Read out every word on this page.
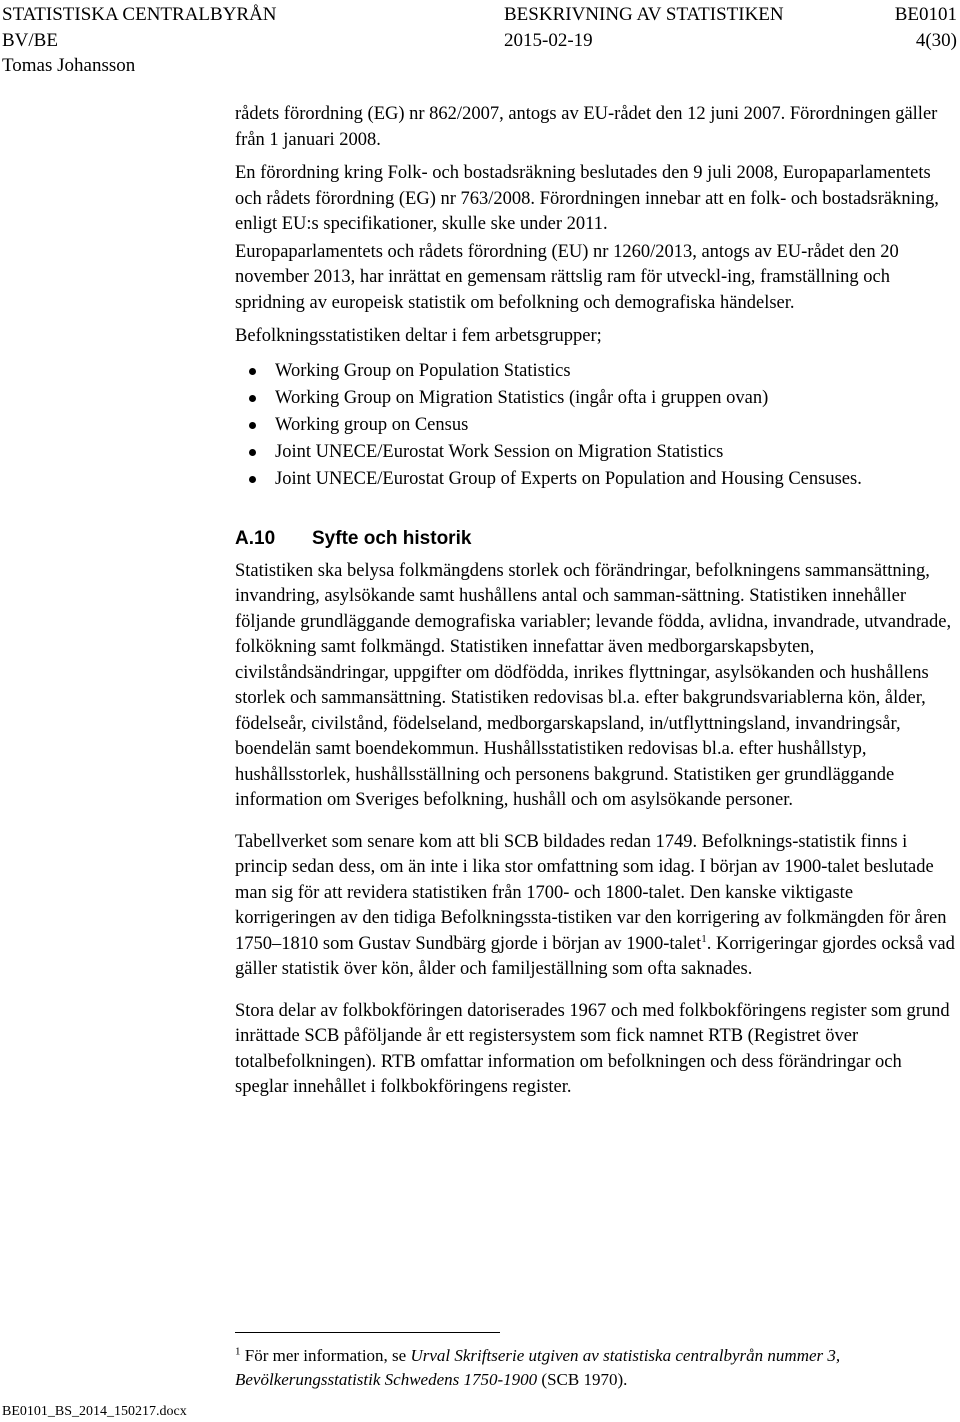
STATISTISKA CENTRALBYRÅN	BESKRIVNING AV STATISTIKEN	BE0101
BV/BE	2015-02-19	4(30)
Tomas Johansson

rådets förordning (EG) nr 862/2007, antogs av EU-rådet den 12 juni 2007. Förordningen gäller från 1 januari 2008.

En förordning kring Folk- och bostadsräkning beslutades den 9 juli 2008, Europaparlamentets och rådets förordning (EG) nr 763/2008. Förordningen innebar att en folk- och bostadsräkning, enligt EU:s specifikationer, skulle ske under 2011.

Europaparlamentets och rådets förordning (EU) nr 1260/2013, antogs av EU-rådet den 20 november 2013, har inrättat en gemensam rättslig ram för utveckl-ing, framställning och spridning av europeisk statistik om befolkning och demografiska händelser.

Befolkningsstatistiken deltar i fem arbetsgrupper;

Working Group on Population Statistics
Working Group on Migration Statistics (ingår ofta i gruppen ovan)
Working group on Census
Joint UNECE/Eurostat Work Session on Migration Statistics
Joint UNECE/Eurostat Group of Experts on Population and Housing Censuses.
A.10 Syfte och historik

Statistiken ska belysa folkmängdens storlek och förändringar, befolkningens sammansättning, invandring, asylsökande samt hushållens antal och samman-sättning. Statistiken innehåller följande grundläggande demografiska variabler; levande födda, avlidna, invandrade, utvandrade, folkökning samt folkmängd. Statistiken innefattar även medborgarskapsbyten, civilståndsändringar, uppgifter om dödfödda, inrikes flyttningar, asylsökanden och hushållens storlek och sammansättning. Statistiken redovisas bl.a. efter bakgrundsvariablerna kön, ålder, födelseår, civilstånd, födelseland, medborgarskapsland, in/utflyttningsland, invandringsår, boendelän samt boendekommun. Hushållsstatistiken redovisas bl.a. efter hushållstyp, hushållsstorlek, hushållsställning och personens bakgrund. Statistiken ger grundläggande information om Sveriges befolkning, hushåll och om asylsökande personer.

Tabellverket som senare kom att bli SCB bildades redan 1749. Befolknings-statistik finns i princip sedan dess, om än inte i lika stor omfattning som idag. I början av 1900-talet beslutade man sig för att revidera statistiken från 1700- och 1800-talet. Den kanske viktigaste korrigeringen av den tidiga Befolkningssta-tistiken var den korrigering av folkmängden för åren 1750–1810 som Gustav Sundbärg gjorde i början av 1900-talet$^1$. Korrigeringar gjordes också vad gäller statistik över kön, ålder och familjeställning som ofta saknades.

Stora delar av folkbokföringen datoriserades 1967 och med folkbokföringens register som grund inrättade SCB påföljande år ett registersystem som fick namnet RTB (Registret över totalbefolkningen). RTB omfattar information om befolkningen och dess förändringar och speglar innehållet i folkbokföringens register.

$^1$ För mer information, se Urval Skriftserie utgiven av statistiska centralbyrån nummer 3, Bevölkerungsstatistik Schwedens 1750-1900 (SCB 1970).
BE0101_BS_2014_150217.docx
